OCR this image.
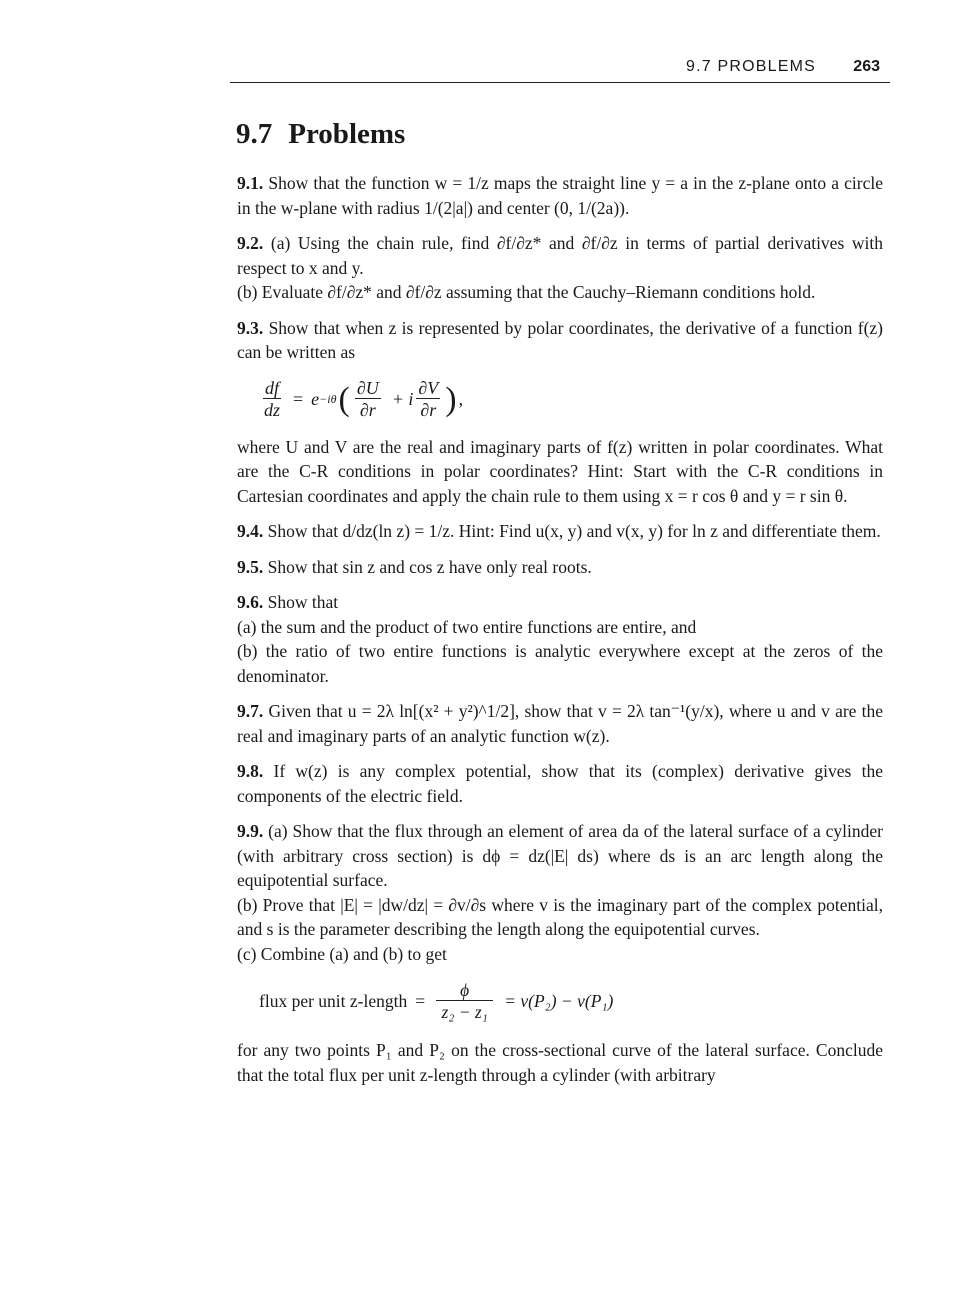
9.7 PROBLEMS 263
9.7 Problems

9.1. Show that the function w = 1/z maps the straight line y = a in the z-plane onto a circle in the w-plane with radius 1/(2|a|) and center (0, 1/(2a)).

9.2. (a) Using the chain rule, find ∂f/∂z* and ∂f/∂z in terms of partial derivatives with respect to x and y.

(b) Evaluate ∂f/∂z* and ∂f/∂z assuming that the Cauchy–Riemann conditions hold.

9.3. Show that when z is represented by polar coordinates, the derivative of a function f(z) can be written as

$\frac{df}{dz} = e -i\theta$ ( $\frac{\partial U}{\partial r} + i \frac{\partial V}{\partial r}$ ) ,

where U and V are the real and imaginary parts of f(z) written in polar coordinates. What are the C-R conditions in polar coordinates? Hint: Start with the C-R conditions in Cartesian coordinates and apply the chain rule to them using x = r cos θ and y = r sin θ.

9.4. Show that d/dz(ln z) = 1/z. Hint: Find u(x, y) and v(x, y) for ln z and differentiate them.

9.5. Show that sin z and cos z have only real roots.

9.6. Show that

(a) the sum and the product of two entire functions are entire, and

(b) the ratio of two entire functions is analytic everywhere except at the zeros of the denominator.

9.7. Given that u = 2λ ln[(x² + y²)^1/2], show that v = 2λ tan⁻¹(y/x), where u and v are the real and imaginary parts of an analytic function w(z).

9.8. If w(z) is any complex potential, show that its (complex) derivative gives the components of the electric field.

9.9. (a) Show that the flux through an element of area da of the lateral surface of a cylinder (with arbitrary cross section) is dϕ = dz(|E| ds) where ds is an arc length along the equipotential surface.

(b) Prove that |E| = |dw/dz| = ∂v/∂s where v is the imaginary part of the complex potential, and s is the parameter describing the length along the equipotential curves.

(c) Combine (a) and (b) to get

flux per unit z-length = $\frac{\phi}{\text{z₂ − z₁}} = v(P_2) - v(P_1)$

for any two points P₁ and P₂ on the cross-sectional curve of the lateral surface. Conclude that the total flux per unit z-length through a cylinder (with arbitrary
